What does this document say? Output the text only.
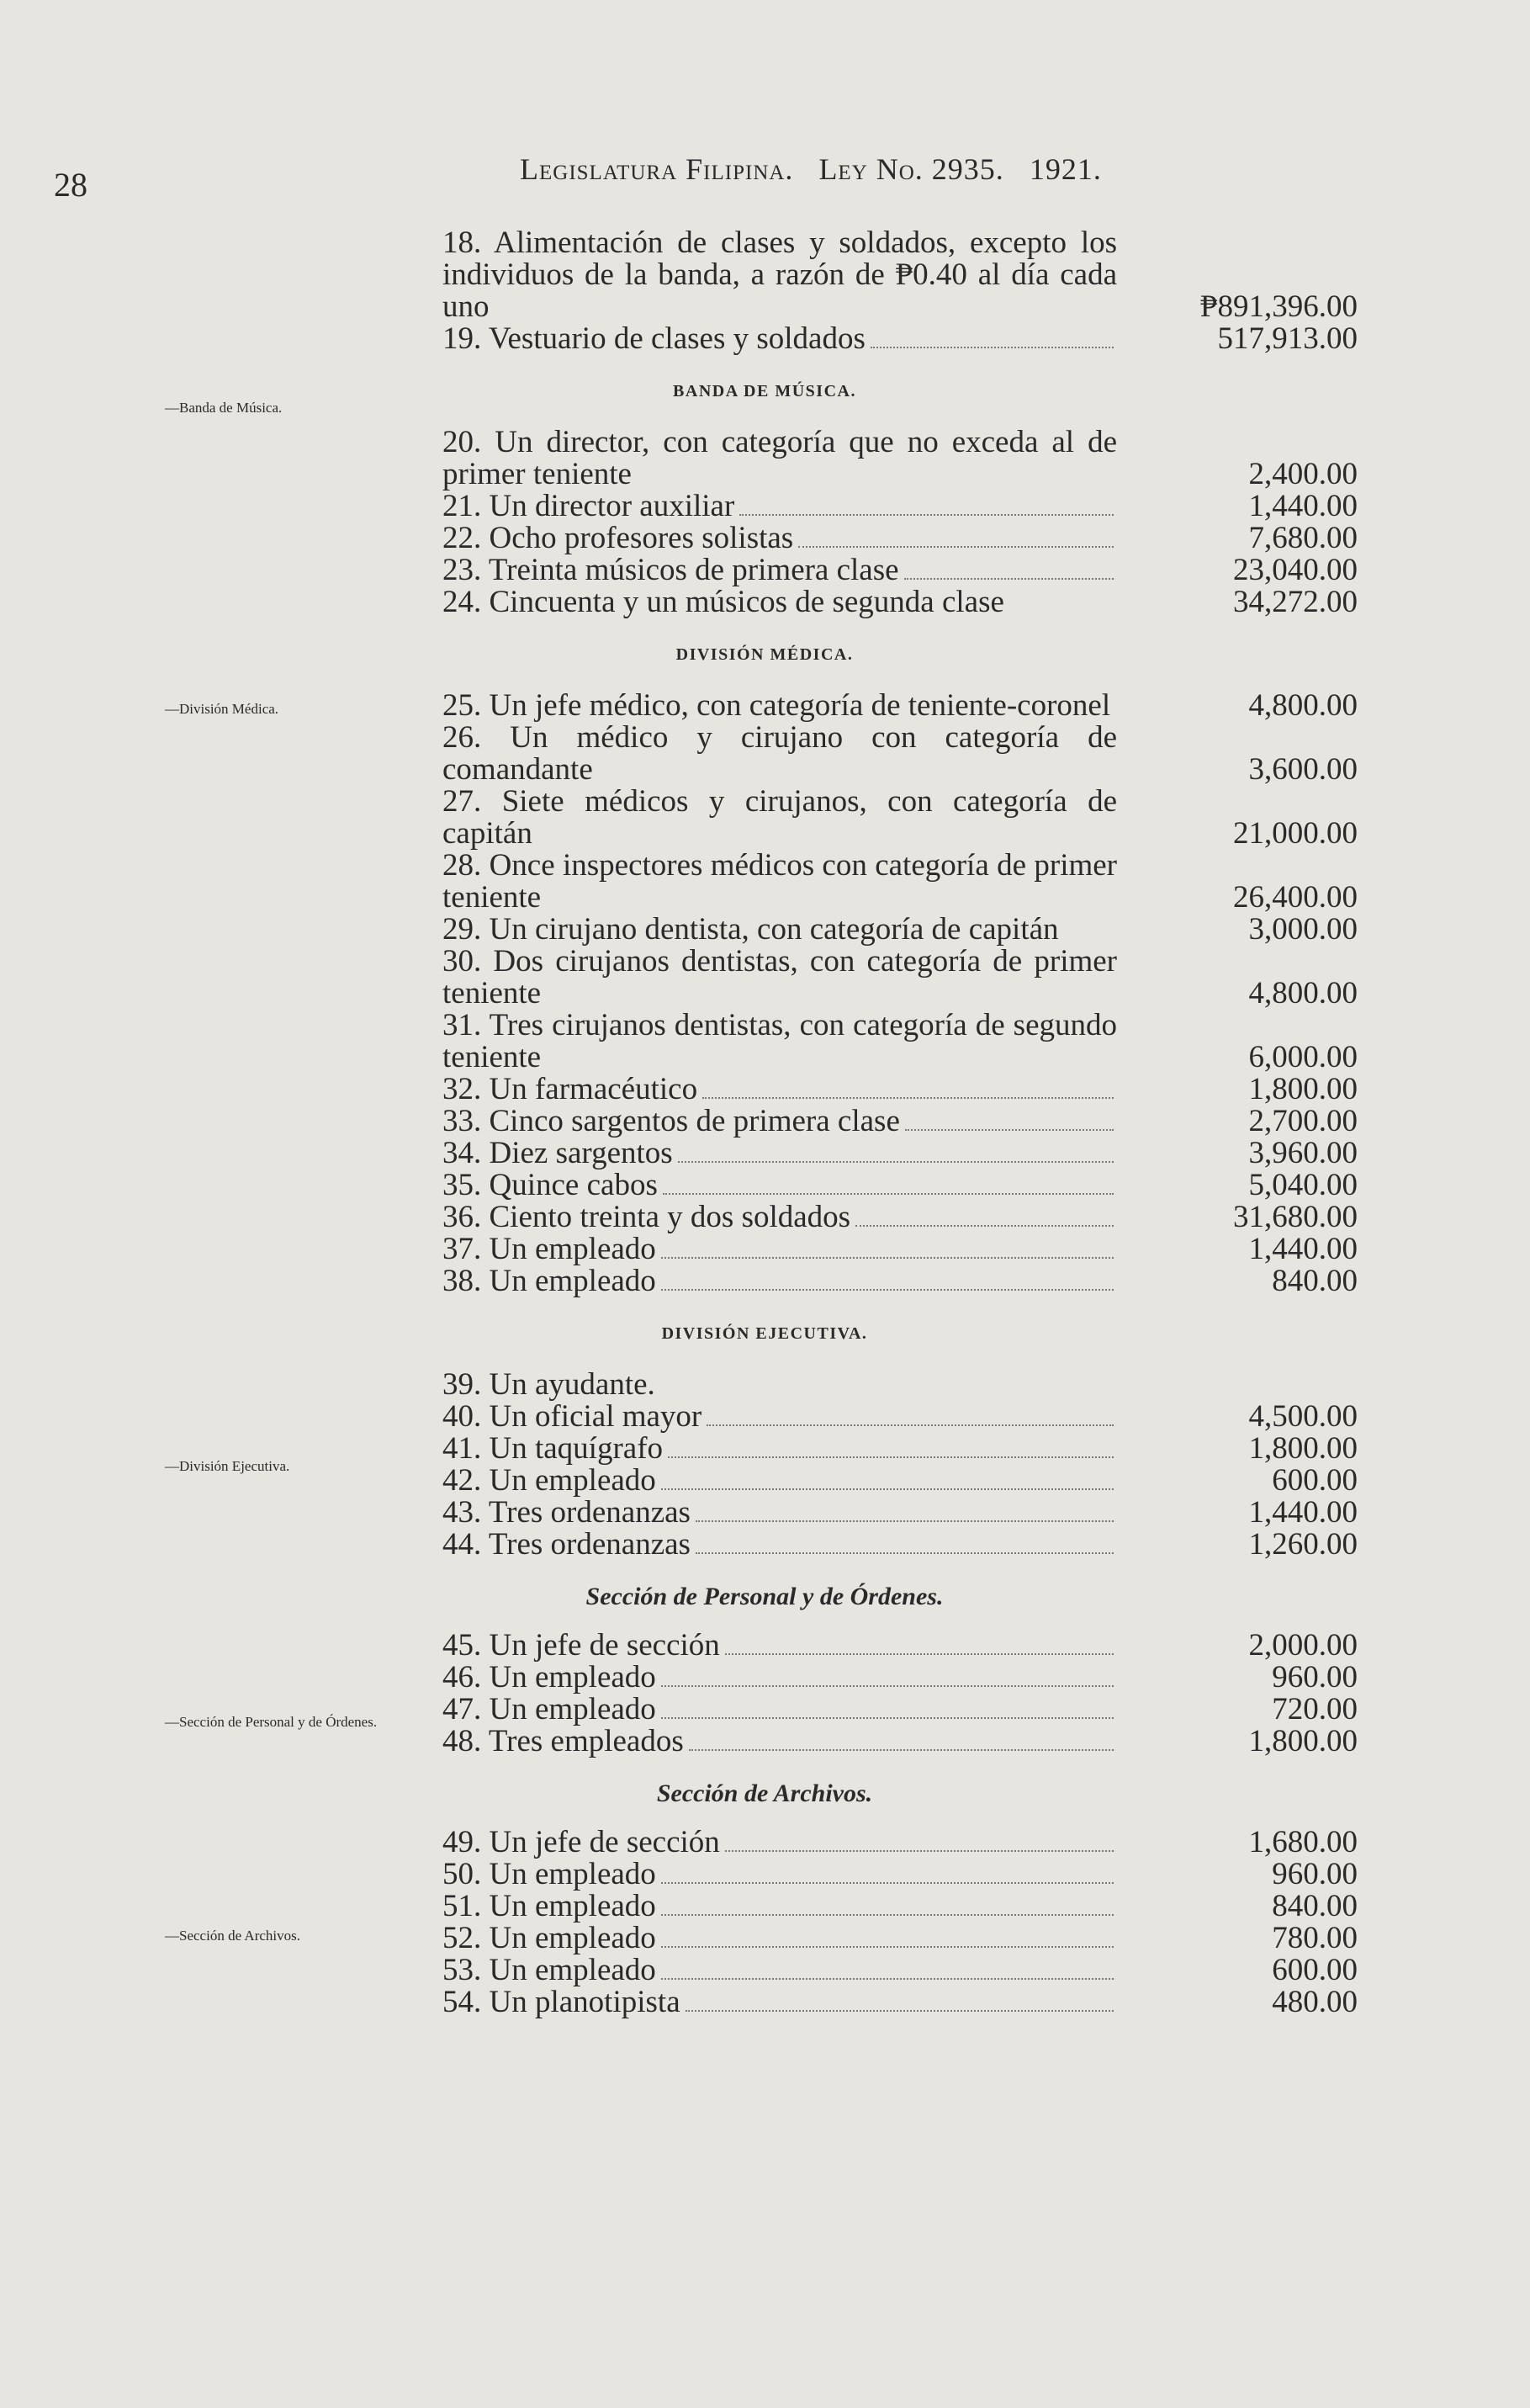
28	Legislatura Filipina. Ley No. 2935. 1921.
—Banda de Música.
—División Médica.
—División Ejecutiva.
—Sección de Personal y de Órdenes.
—Sección de Archivos.
18. Alimentación de clases y soldados, excepto los individuos de la banda, a razón de ₱0.40 al día cada uno	₱891,396.00
19. Vestuario de clases y soldados	517,913.00
BANDA DE MÚSICA.
20. Un director, con categoría que no exceda al de primer teniente	2,400.00
21. Un director auxiliar	1,440.00
22. Ocho profesores solistas	7,680.00
23. Treinta músicos de primera clase	23,040.00
24. Cincuenta y un músicos de segunda clase	34,272.00
DIVISIÓN MÉDICA.
25. Un jefe médico, con categoría de teniente-coronel	4,800.00
26. Un médico y cirujano con categoría de comandante	3,600.00
27. Siete médicos y cirujanos, con categoría de capitán	21,000.00
28. Once inspectores médicos con categoría de primer teniente	26,400.00
29. Un cirujano dentista, con categoría de capitán	3,000.00
30. Dos cirujanos dentistas, con categoría de primer teniente	4,800.00
31. Tres cirujanos dentistas, con categoría de segundo teniente	6,000.00
32. Un farmacéutico	1,800.00
33. Cinco sargentos de primera clase	2,700.00
34. Diez sargentos	3,960.00
35. Quince cabos	5,040.00
36. Ciento treinta y dos soldados	31,680.00
37. Un empleado	1,440.00
38. Un empleado	840.00
DIVISIÓN EJECUTIVA.
39. Un ayudante.
40. Un oficial mayor	4,500.00
41. Un taquígrafo	1,800.00
42. Un empleado	600.00
43. Tres ordenanzas	1,440.00
44. Tres ordenanzas	1,260.00
Sección de Personal y de Órdenes.
45. Un jefe de sección	2,000.00
46. Un empleado	960.00
47. Un empleado	720.00
48. Tres empleados	1,800.00
Sección de Archivos.
49. Un jefe de sección	1,680.00
50. Un empleado	960.00
51. Un empleado	840.00
52. Un empleado	780.00
53. Un empleado	600.00
54. Un planotipista	480.00
